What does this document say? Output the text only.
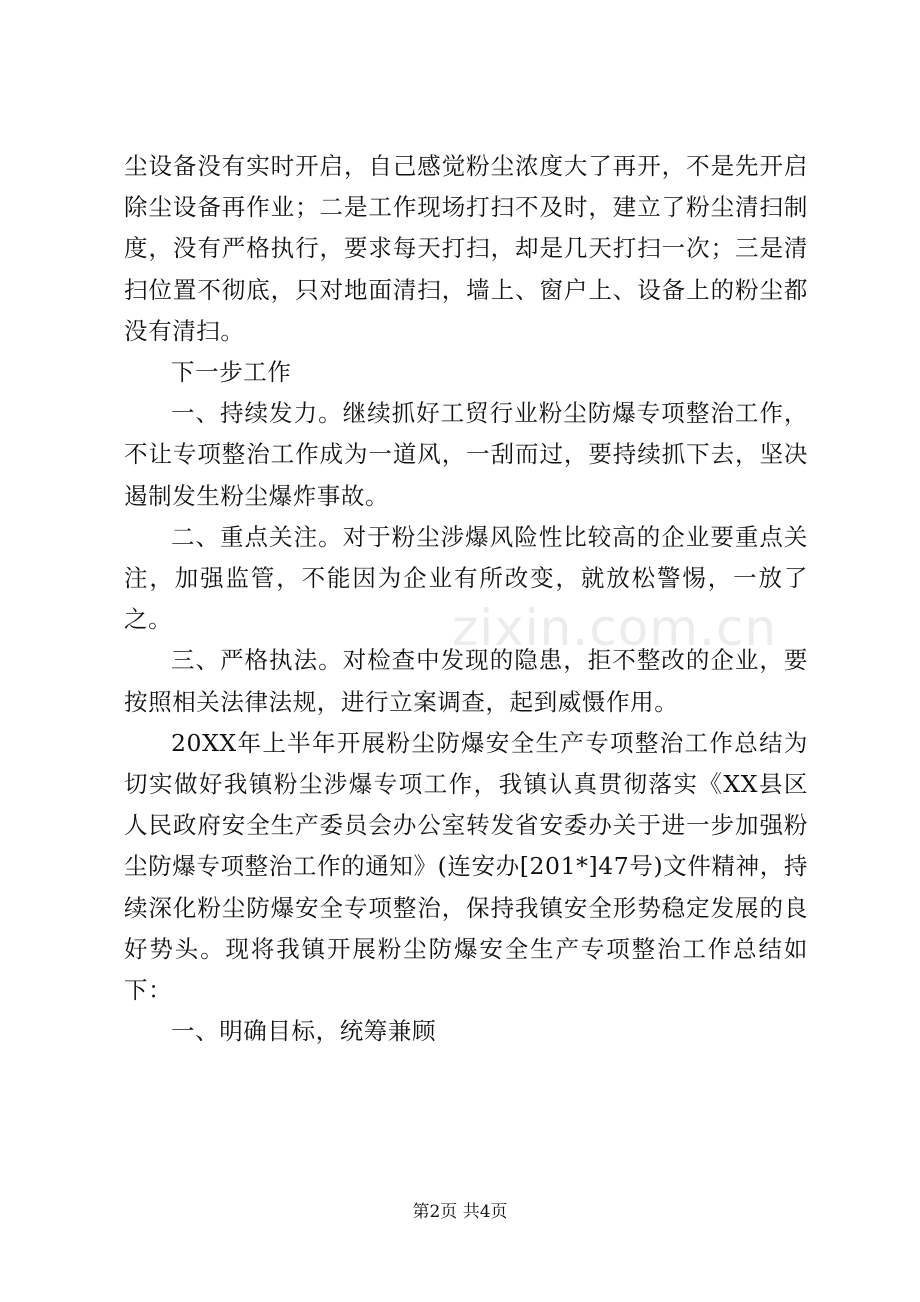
尘设备没有实时开启，自己感觉粉尘浓度大了再开，不是先开启除尘设备再作业；二是工作现场打扫不及时，建立了粉尘清扫制度，没有严格执行，要求每天打扫，却是几天打扫一次；三是清扫位置不彻底，只对地面清扫，墙上、窗户上、设备上的粉尘都没有清扫。

下一步工作

一、持续发力。继续抓好工贸行业粉尘防爆专项整治工作，不让专项整治工作成为一道风，一刮而过，要持续抓下去，坚决遏制发生粉尘爆炸事故。

二、重点关注。对于粉尘涉爆风险性比较高的企业要重点关注，加强监管，不能因为企业有所改变，就放松警惕，一放了之。

三、严格执法。对检查中发现的隐患，拒不整改的企业，要按照相关法律法规，进行立案调查，起到威慑作用。

20XX年上半年开展粉尘防爆安全生产专项整治工作总结为切实做好我镇粉尘涉爆专项工作，我镇认真贯彻落实《XX县区人民政府安全生产委员会办公室转发省安委办关于进一步加强粉尘防爆专项整治工作的通知》(连安办[201*]47号)文件精神，持续深化粉尘防爆安全专项整治，保持我镇安全形势稳定发展的良好势头。现将我镇开展粉尘防爆安全生产专项整治工作总结如下：

一、明确目标，统筹兼顾

zixin.com.cn
第2页 共4页
